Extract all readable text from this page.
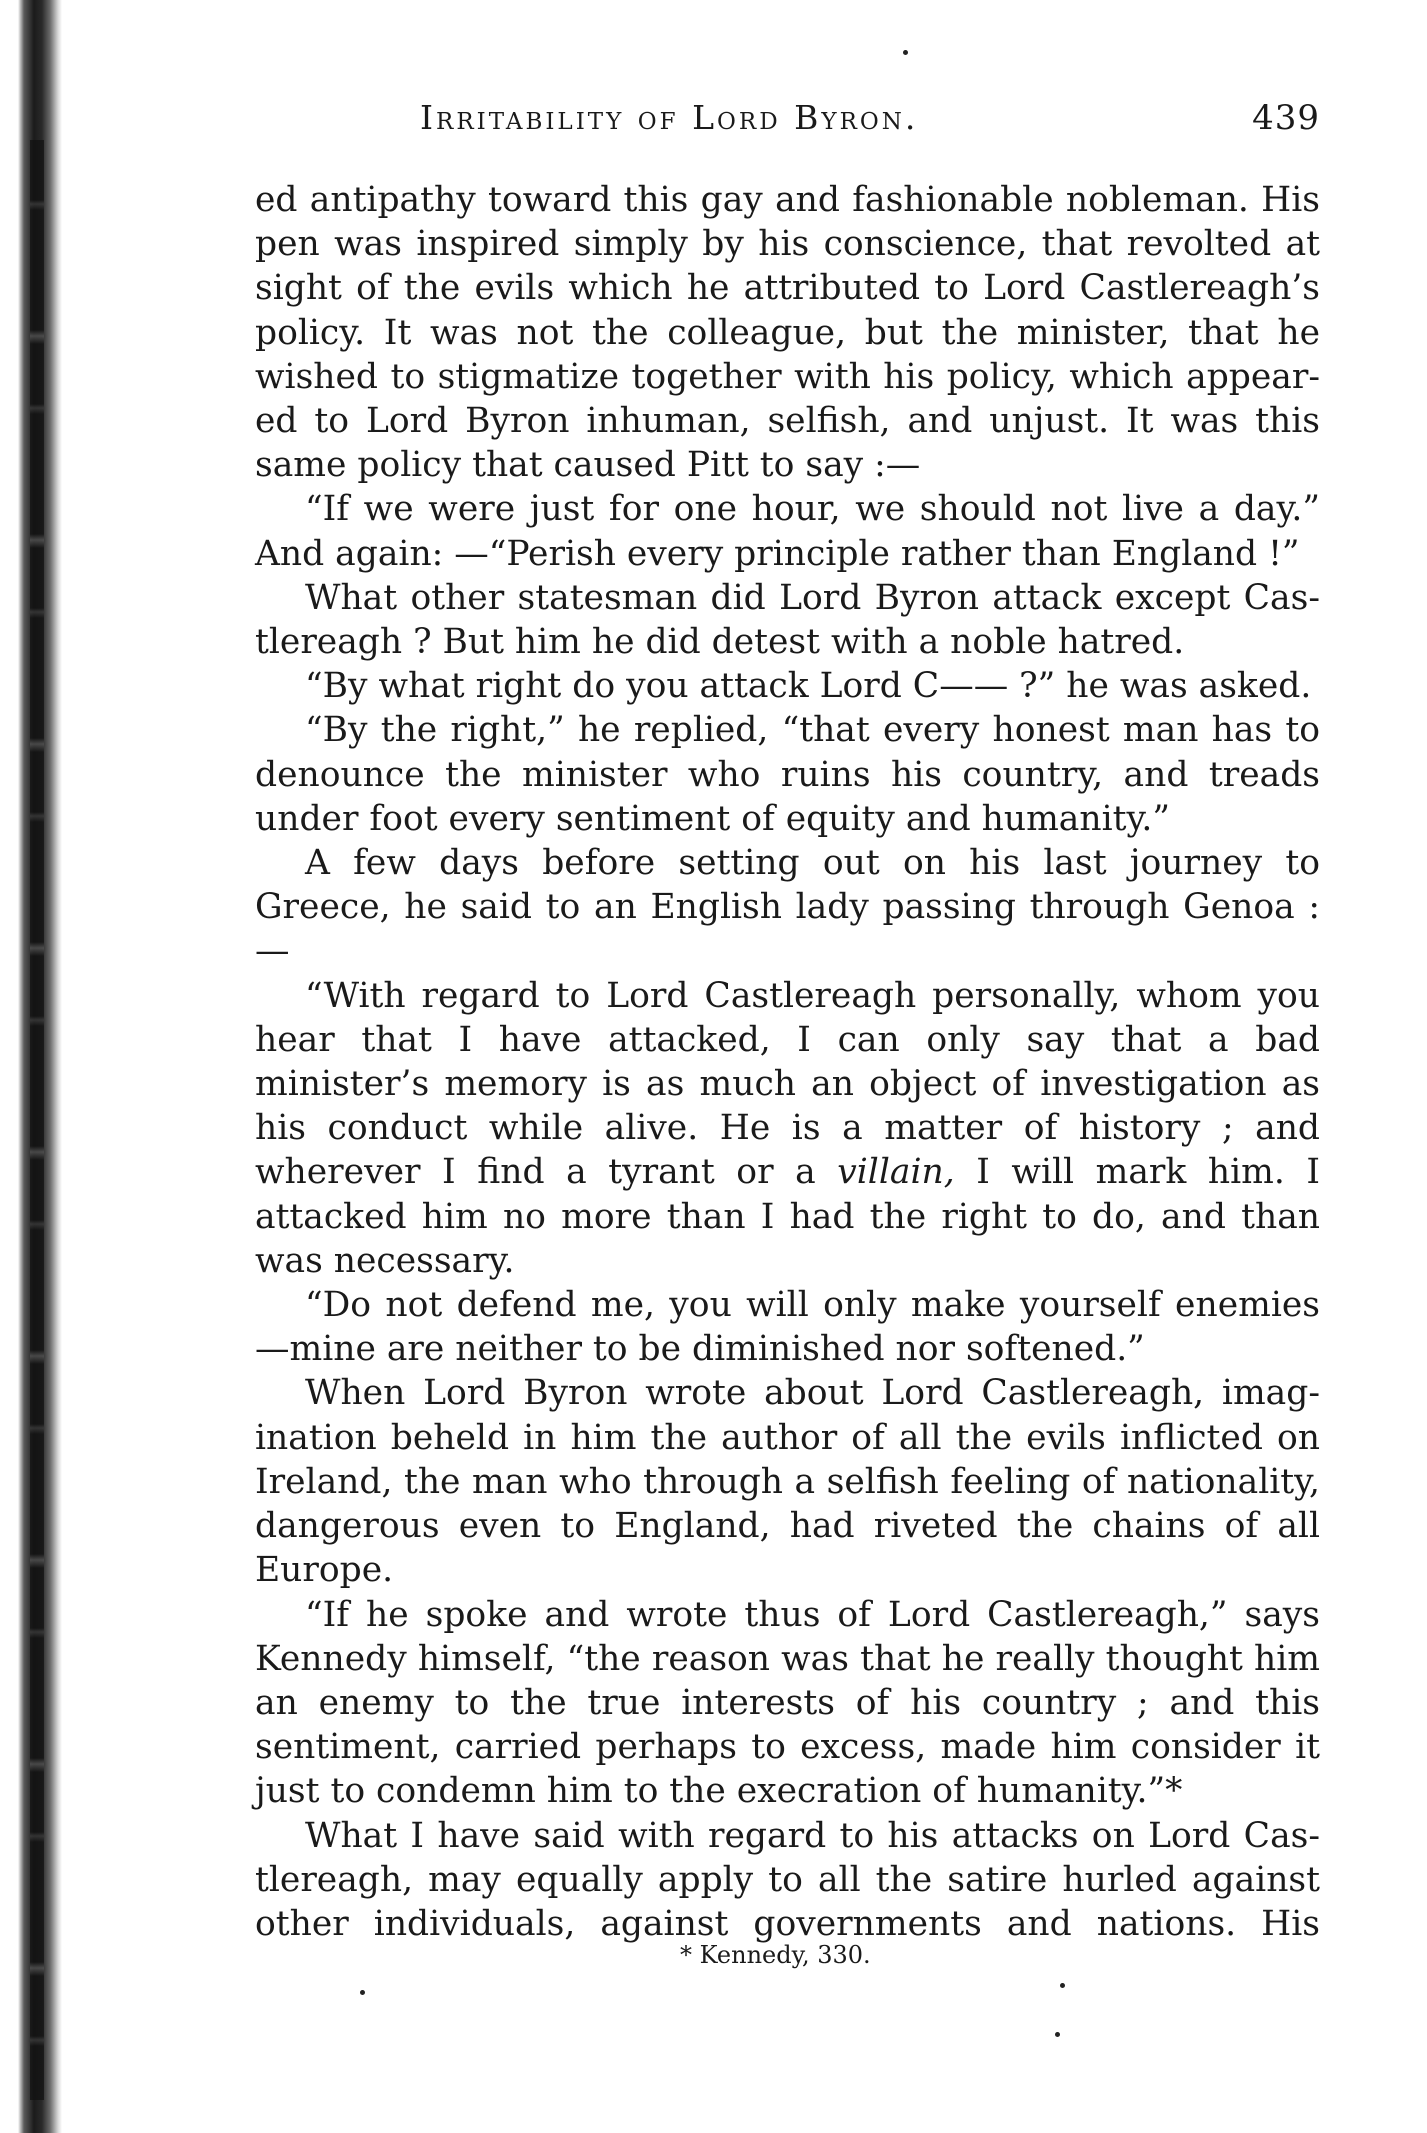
Irritability of Lord Byron.	439

ed antipathy toward this gay and fashionable nobleman. His pen was inspired simply by his conscience, that revolted at sight of the evils which he attributed to Lord Castlereagh’s policy. It was not the colleague, but the minister, that he wished to stigmatize together with his policy, which appear- ed to Lord Byron inhuman, selfish, and unjust. It was this same policy that caused Pitt to say :—

“If we were just for one hour, we should not live a day.” And again: —“Perish every principle rather than England !”

What other statesman did Lord Byron attack except Cas- tlereagh ? But him he did detest with a noble hatred.

“By what right do you attack Lord C—— ?” he was asked.

“By the right,” he replied, “that every honest man has to denounce the minister who ruins his country, and treads under foot every sentiment of equity and humanity.”

A few days before setting out on his last journey to Greece, he said to an English lady passing through Genoa :—

“With regard to Lord Castlereagh personally, whom you hear that I have attacked, I can only say that a bad minister’s memory is as much an object of investigation as his conduct while alive. He is a matter of history ; and wherever I find a tyrant or a villain, I will mark him. I attacked him no more than I had the right to do, and than was necessary.

“Do not defend me, you will only make yourself enemies —mine are neither to be diminished nor softened.”

When Lord Byron wrote about Lord Castlereagh, imag- ination beheld in him the author of all the evils inflicted on Ireland, the man who through a selfish feeling of nationality, dangerous even to England, had riveted the chains of all Europe.

“If he spoke and wrote thus of Lord Castlereagh,” says Kennedy himself, “the reason was that he really thought him an enemy to the true interests of his country ; and this sentiment, carried perhaps to excess, made him consider it just to condemn him to the execration of humanity.”*

What I have said with regard to his attacks on Lord Cas- tlereagh, may equally apply to all the satire hurled against other individuals, against governments and nations. His

* Kennedy, 330.
